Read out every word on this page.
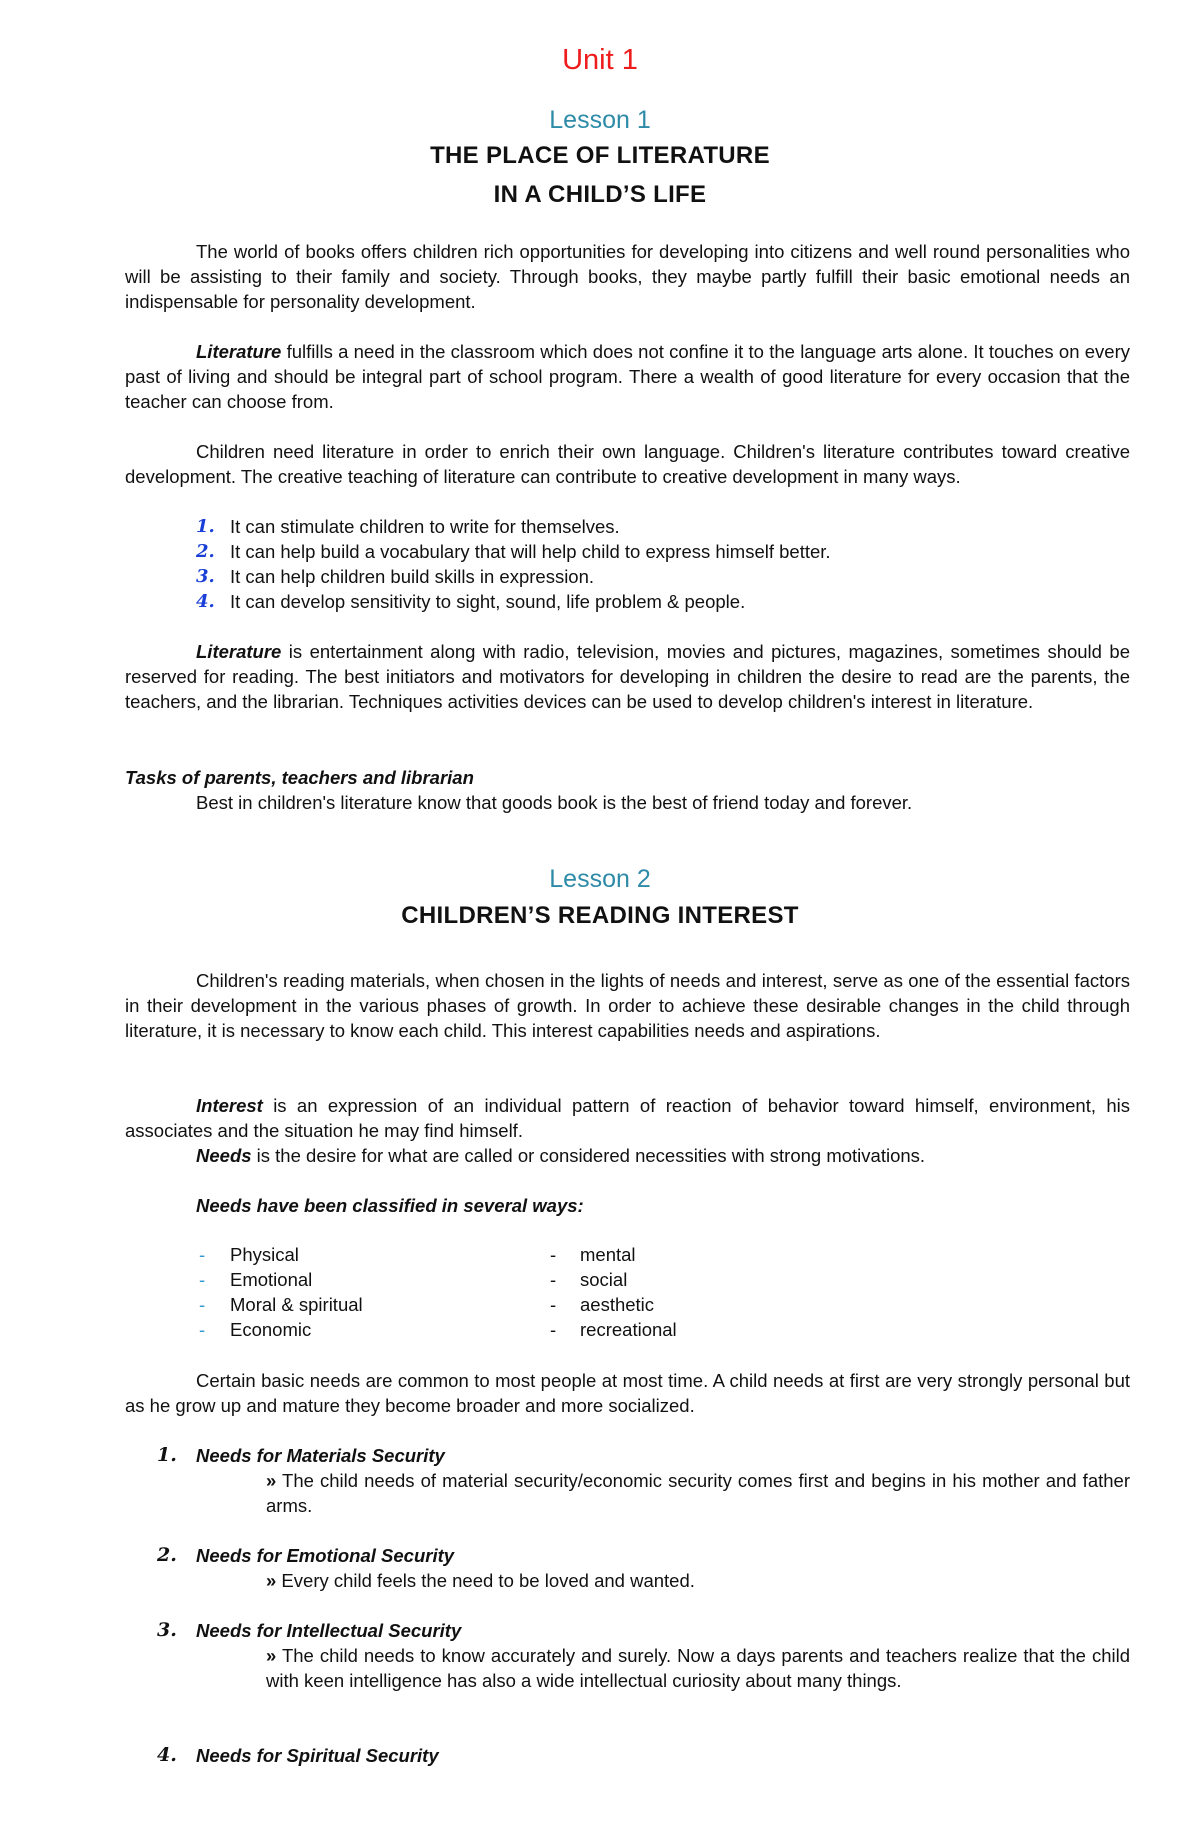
Unit 1
Lesson 1
THE PLACE OF LITERATURE
IN A CHILD’S LIFE

The world of books offers children rich opportunities for developing into citizens and well round personalities who will be assisting to their family and society. Through books, they maybe partly fulfill their basic emotional needs an indispensable for personality development.

Literature fulfills a need in the classroom which does not confine it to the language arts alone. It touches on every past of living and should be integral part of school program. There a wealth of good literature for every occasion that the teacher can choose from.

Children need literature in order to enrich their own language. Children's literature contributes toward creative development. The creative teaching of literature can contribute to creative development in many ways.

1. It can stimulate children to write for themselves.
2. It can help build a vocabulary that will help child to express himself better.
3. It can help children build skills in expression.
4. It can develop sensitivity to sight, sound, life problem & people.

Literature is entertainment along with radio, television, movies and pictures, magazines, sometimes should be reserved for reading. The best initiators and motivators for developing in children the desire to read are the parents, the teachers, and the librarian. Techniques activities devices can be used to develop children's interest in literature.

Tasks of parents, teachers and librarian
Best in children's literature know that goods book is the best of friend today and forever.
Lesson 2
CHILDREN’S READING INTEREST

Children's reading materials, when chosen in the lights of needs and interest, serve as one of the essential factors in their development in the various phases of growth. In order to achieve these desirable changes in the child through literature, it is necessary to know each child. This interest capabilities needs and aspirations.

Interest is an expression of an individual pattern of reaction of behavior toward himself, environment, his associates and the situation he may find himself.

Needs is the desire for what are called or considered necessities with strong motivations.
Needs have been classified in several ways:
- Physical	- mental
- Emotional	- social
- Moral & spiritual	- aesthetic
- Economic	- recreational

Certain basic needs are common to most people at most time. A child needs at first are very strongly personal but as he grow up and mature they become broader and more socialized.

1. Needs for Materials Security

» The child needs of material security/economic security comes first and begins in his mother and father arms.

2. Needs for Emotional Security

» Every child feels the need to be loved and wanted.

3. Needs for Intellectual Security

» The child needs to know accurately and surely. Now a days parents and teachers realize that the child with keen intelligence has also a wide intellectual curiosity about many things.

4. Needs for Spiritual Security
